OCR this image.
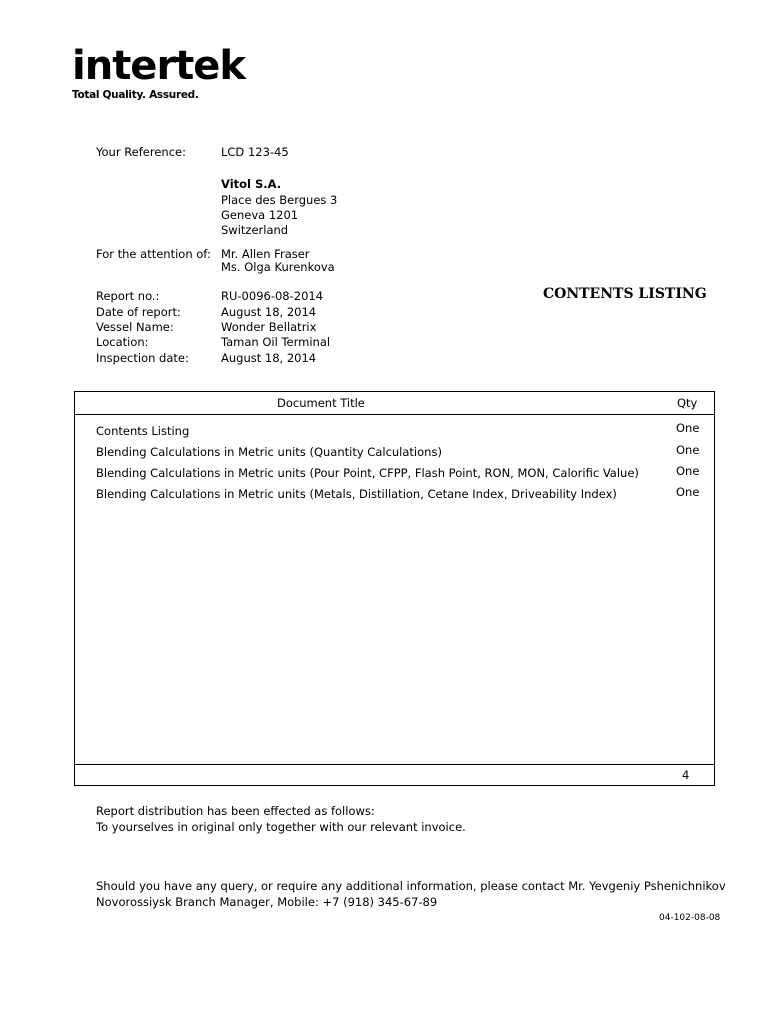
intertek
Total Quality. Assured.
Your Reference:	LCD 123-45
Vitol S.A.
Place des Bergues 3
Geneva 1201
Switzerland
For the attention of: Mr. Allen Fraser
Ms. Olga Kurenkova
Report no.:	RU-0096-08-2014
Date of report:	August 18, 2014
Vessel Name:	Wonder Bellatrix
Location:	Taman Oil Terminal
Inspection date:	August 18, 2014
CONTENTS LISTING
Document Title	Qty
Contents Listing	One
Blending Calculations in Metric units (Quantity Calculations)	One
Blending Calculations in Metric units (Pour Point, CFPP, Flash Point, RON, MON, Calorific Value)	One
Blending Calculations in Metric units (Metals, Distillation, Cetane Index, Driveability Index)	One
4
Report distribution has been effected as follows:
To yourselves in original only together with our relevant invoice.
Should you have any query, or require any additional information, please contact Mr. Yevgeniy Pshenichnikov
Novorossiysk Branch Manager, Mobile: +7 (918) 345-67-89
04-102-08-08
